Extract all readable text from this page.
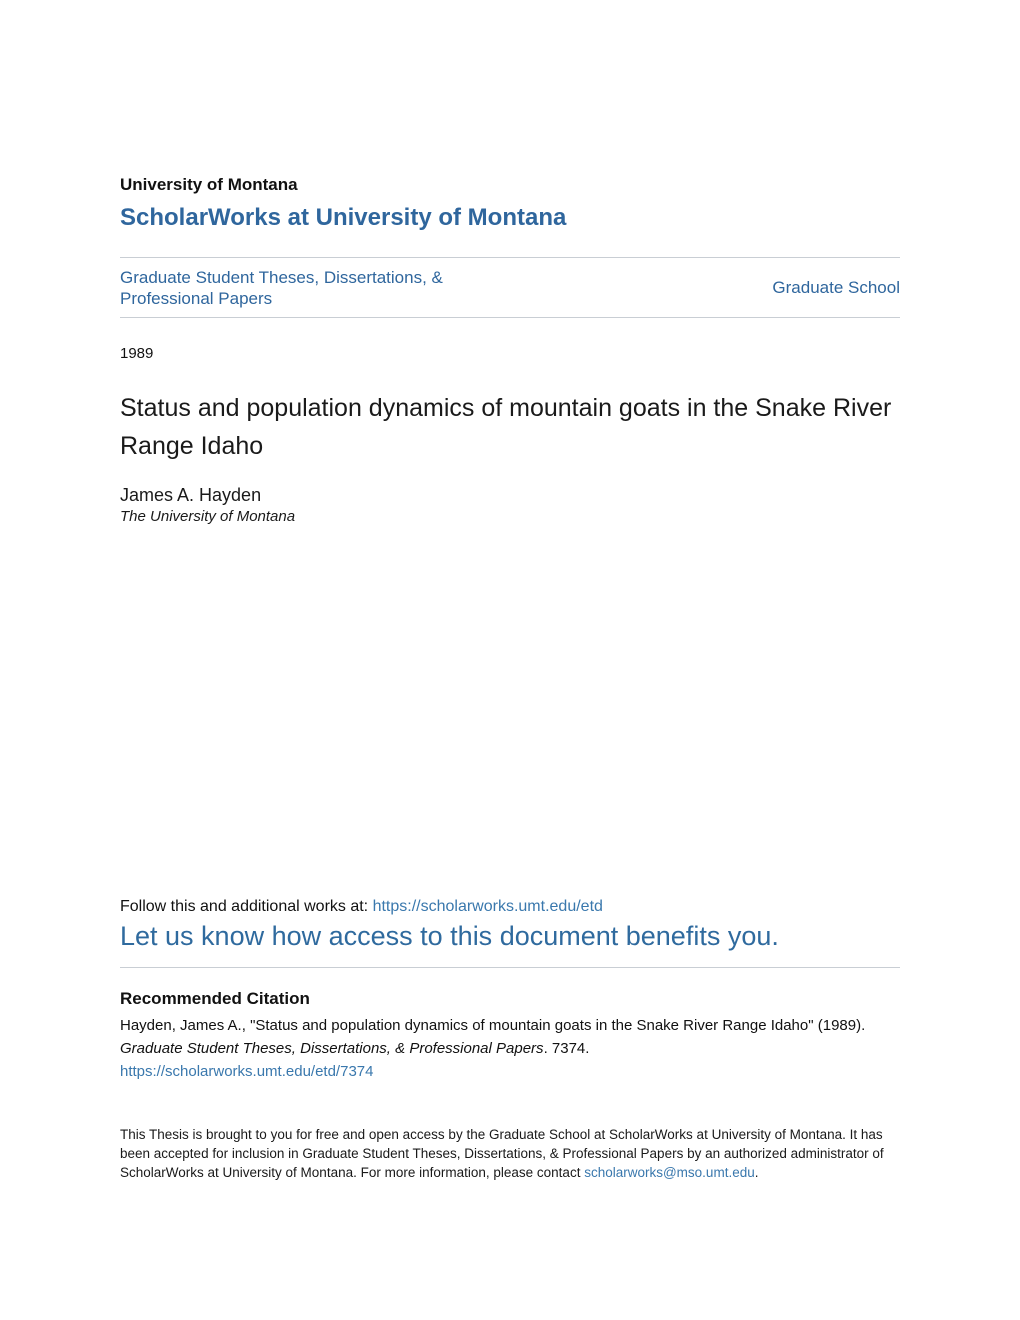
University of Montana
ScholarWorks at University of Montana
Graduate Student Theses, Dissertations, & Professional Papers
Graduate School
1989
Status and population dynamics of mountain goats in the Snake River Range Idaho
James A. Hayden
The University of Montana
Follow this and additional works at: https://scholarworks.umt.edu/etd
Let us know how access to this document benefits you.
Recommended Citation
Hayden, James A., "Status and population dynamics of mountain goats in the Snake River Range Idaho" (1989). Graduate Student Theses, Dissertations, & Professional Papers. 7374.
https://scholarworks.umt.edu/etd/7374
This Thesis is brought to you for free and open access by the Graduate School at ScholarWorks at University of Montana. It has been accepted for inclusion in Graduate Student Theses, Dissertations, & Professional Papers by an authorized administrator of ScholarWorks at University of Montana. For more information, please contact scholarworks@mso.umt.edu.
